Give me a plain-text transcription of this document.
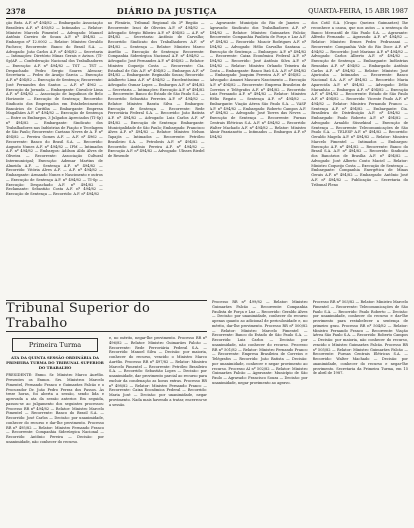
2378	DIÁRIO DA JUSTIÇA	QUARTA-FEIRA, 15 ABR 1987
ção Brás. A.F. nº 494/82 — Embargado: Associação Brasileira A.F. nº 493/82 — Intimados — Relator: Ministro Marcelo Pimentel — Advogado: Manuel Antônio Caveiro de Souza A.F. nº 494/82 — Embargos nº 12.0002 — Relator: Ministro Geraldo Pacheco; Recorrente: Banco do Brasil S.A. — Advogado: João Carlos A.F. nº 494/82 — Secretaria — Intimações: Diretório Minas Gerais e Avisos. (TI-Sp)AP. — Confederação Nacional dos Trabalhadores — Execução: A.F. nº 494/82 — TST — TST — Despachado: Pedro Sergio Soares Alencar; Secretaria — Pedro de Araújo Garcia — Execução A.F. nº 494/82 — Execução de Sentença; Recorrente: José Fernandes dos Santos — A.F. nº 4962 — Execução da Jornada — Embargante: Ciuvalcir Lima A.F. nº 494/82 — Associação de Inquilinos de Belo Horizonte — Execução de Sentença; Recorrido: Sindicato dos Empregados em Estabelecimentos Bancários de Curitiba — Embargante: Empresa Magalhães A.F. nº 494/82 — Execução de Sentença — Entre os Embargos, 3 Julgados Apreciados (TI-Sp) nº 494/82 — Embargante: Sindicato dos Trabalhadores nas Indústrias de Fiação e Tecelagem de São Paulo; Recorrente: Caetano Neves de A. F. nº 494/82 — Pereira Gomes A.F. — A.F. nº 4962 — Recorrente: Banco do Brasil S.A. — Recorrido: Augusto Nunes A.F. nº 494/82 — IPM — Intimados A.F. nº 494/82 — Embargos: Adilson Aldo Alves de Oliveira — Recorrente: Associação Cultural Intermunicipal; Execução: Ademar Martins de Almeida A.F. — Sentença A.F. nº 494/82 — Recorrido: Vitória Alves A.F. — A.F. nº 494/82 — Embargante: Armando Nunes e Nascimento e outros — Execução de Sentença A.F. nº 494/82 — TI-Sp — Execução: Despachado A.F. nº 494/82 — Reclamante: Sebastião Costa A.F. nº 494/82 — Execução de Sentença — Recorrido: A.F. nº 494/82
ao Plenário, Tribunal Regional da 3ª Região — Recorrente: Iraci de Oliveira A.F. nº 494/82 — Advogado: Sérgio Ribeiro A.F. nº 494/82 — A.F. nº 494/82 — Secretaria: Antônio de Carvalho; Recorrido: Sindicato dos Trabalhadores A.F. nº 494/82 — Sentença — Relator: Ministro Marco Aurélio — Execução de Sentença: Recorrente: Companhia Siderúrgica Nacional A.F. nº 494/82 — Advogado: José Fernandes A.F. nº 494/82 — Relator: Ministro Coqueijo Costa — Recorrente: Cia. Estadual de Gás A.F. nº 494/82 — Embargos A.F. nº 494/82 — Embargante: Reginaldo Souza; Recorrido: Adalberto Lima A.F. nº 494/82 — Excelentíssimo — Advogado: Osmar Lopes — Embargos A.F. nº 494/82 — Secretaria — Intimações: Execução A.F. nº 494/82 — Recorrente: Banco do Estado de São Paulo S.A. — Recorrido: Sebastião Ferreira A.F. nº 494/82 — Relator: Ministro Barata Silva — Embargos: Execução de Sentença — Recorrente: Rede Ferroviária Federal S.A. — Recorrido: João Batista A.F. nº 494/82 — Advogado: Luiz Carlos A.F. nº 494/82 — Execução de Sentença: Embargante: Municipalidade de São Paulo; Embargado: Francisco Alves A.F. nº 494/82 — Relator: Ministro Nelson Tapajós — Intimados — Recorrente: Petróleo Brasileiro S.A. — Petrobrás A.F. nº 494/82 — Recorrido: Antônio Pereira A.F. nº 494/82 — Execução A.F. nº 494/82 — Advogado: Ulisses Riedel de Resende
— Agravante: Município do Rio de Janeiro — Agravado: Sindicato dos Trabalhadores A.F. nº 494/82 — Relator: Ministro Guimarães Falcão; Recorrente: Companhia Paulista de Força e Luz A.F. nº 494/82 — Recorrido: Moacir Rodrigues A.F. nº 494/82 — Advogado: Hélio Carvalho Santana — Execução de Sentença — Embargos: A.F. nº 494/82 — Recorrente: Caixa Econômica Federal A.F. nº 494/82 — Recorrido: José Antônio Silva A.F. nº 494/82 — Relator: Ministro Orlando Teixeira da Costa — Embargante: Banco Itaú S.A. A.F. nº 494/82 — Embargado: Joaquim Ferreira A.F. nº 494/82 — Advogado: Amauri Mascaro Nascimento — Execução A.F. nº 494/82 — Recorrente: Empresa Brasileira de Correios e Telégrafos A.F. nº 494/82 — Recorrido: Luiz Fernando A.F. nº 494/82 — Relator: Ministro Hélio Regato — Sentença A.F. nº 494/82 — Embargante: Viação Aérea São Paulo S.A. — VASP A.F. nº 494/82 — Embargado: Roberto Campos A.F. nº 494/82 — Advogado: José Torres das Neves — Execução de Sentença — Recorrente: Furnas Centrais Elétricas S.A. A.F. nº 494/82 — Recorrido: Walter Machado A.F. nº 494/82 — Relator: Ministro Almir Pazzianotto — Intimados — Embargos A.F. nº 494/82
dos Cotil S.A. (Grupo Queiroz Guimarães) lhe reconhece a causa, que nos autos — a sentença do Banco Mercantil de São Paulo S.A. — Agravante: Alfredo Fernando — Agravado: A.F. nº 494/82 — Relator: Ministro Ermes Pedro Pedrassani — Recorrente: Companhia Vale do Rio Doce A.F. nº 494/82 — Recorrido: José Mariano A.F. nº 494/82 — Advogado: Carlos Alberto A.F. nº 494/82 — Execução de Sentença — Embargante: Indústrias Reunidas A.F. nº 494/82 — Embargado: Antônio Carlos A.F. nº 494/82 — Relator: Ministro José Ajuricaba — Intimados — Recorrente: Banco Nacional S.A. A.F. nº 494/82 — Recorrido: Maria Aparecida A.F. nº 494/82 — Advogado: Délio Maranhão — Embargos A.F. nº 494/82 — Execução A.F. nº 494/82 — Recorrente: Estado de São Paulo A.F. nº 494/82 — Recorrido: Vicente Paulo A.F. nº 494/82 — Relator: Ministro Fernando Franco — Sentença A.F. nº 494/82 — Embargante: Cia. Brasileira de Distribuição A.F. nº 494/82 — Embargado: Paulo Roberto A.F. nº 494/82 — Advogado: Arnaldo Süssekind — Execução de Sentença — Recorrente: Telecomunicações de São Paulo S.A. — TELESP A.F. nº 494/82 — Recorrido: Geraldo Magela A.F. nº 494/82 — Relator: Ministro Marcelo Pimentel — Intimados — Embargos: Execução A.F. nº 494/82 — Recorrente: Banco do Brasil S.A. A.F. nº 494/82 — Recorrido: Sindicato dos Bancários de Brasília A.F. nº 494/82 — Advogado: José Alberto Couto Maciel — Relator: Ministro Coqueijo Costa — Execução de Sentença — Embargante: Companhia Energética de Minas Gerais A.F. nº 494/82 — Embargado: Antônio José A.F. nº 494/82 — Publicação — Secretaria do Tribunal Pleno
Tribunal Superior do Trabalho
Primeira Turma
ATA DA QUINTA SESSÃO ORDINÁRIA DA PRIMEIRA TURMA DO TRIBUNAL SUPERIOR DO TRABALHO
PRESIDENTE: Exmo. Sr. Ministro Marco Aurélio. Presentes os Exmos. Srs. Ministros Marcelo Pimentel, Fernando Franco e Guimarães Falcão e o Procurador Dr. João Pedro Ferraz dos Passos. Às treze horas, foi aberta a sessão, sendo lida e aprovada a ata da sessão anterior. Em seguida, passou-se ao julgamento dos seguintes processos: Processo RR nº 494/82 — Relator: Ministro Marcelo Pimentel — Recorrente: Banco do Brasil S.A. — Recorrido: José Carlos — Decisão: por unanimidade, conhecer do recurso e dar-lhe provimento. Processo RR nº 495/82 — Relator: Ministro Fernando Franco — Recorrente: Companhia Siderúrgica Nacional — Recorrido: Antônio Pereira — Decisão: por unanimidade, não conhecer do recurso.
e, no mérito, negar-lhe provimento. Processo RR nº 496/82 — Relator: Ministro Guimarães Falcão — Recorrente: Rede Ferroviária Federal S.A. — Recorrido: Manoel Silva — Decisão: por maioria, conhecer do recurso, vencido o Ministro Marco Aurélio. Processo RR nº 497/82 — Relator: Ministro Marcelo Pimentel — Recorrente: Petróleo Brasileiro S.A. — Recorrido: Sebastião Lopes — Decisão: por unanimidade, dar provimento parcial ao recurso para excluir da condenação as horas extras. Processo RR nº 498/82 — Relator: Ministro Fernando Franco — Recorrente: Caixa Econômica Federal — Recorrido: Maria José — Decisão: por unanimidade, negar provimento. Nada mais havendo a tratar, encerrou-se a sessão.
Processo RR nº 499/82 — Relator: Ministro Guimarães Falcão — Recorrente: Companhia Paulista de Força e Luz — Recorrido: Geraldo Alves — Decisão: por unanimidade, conhecer do recurso apenas quanto ao adicional de periculosidade e, no mérito, dar-lhe provimento. Processo RR nº 500/82 — Relator: Ministro Marcelo Pimentel — Recorrente: Banco do Estado de São Paulo S.A. — Recorrido: Luiz Carlos — Decisão: por unanimidade, não conhecer do recurso. Processo RR nº 501/82 — Relator: Ministro Fernando Franco — Recorrente: Empresa Brasileira de Correios e Telégrafos — Recorrido: João Batista — Decisão: por unanimidade, conhecer e negar provimento ao recurso. Processo AI nº 502/82 — Relator: Ministro Guimarães Falcão — Agravante: Município de São Paulo — Agravado: Francisco Souza — Decisão: por unanimidade, negar provimento ao agravo.
Processo RR nº 503/82 — Relator: Ministro Marcelo Pimentel — Recorrente: Telecomunicações de São Paulo S.A. — Recorrido: Paulo Roberto — Decisão: por unanimidade, conhecer do recurso e dar-lhe provimento para restabelecer a sentença de primeiro grau. Processo RR nº 504/82 — Relator: Ministro Fernando Franco — Recorrente: Viação Aérea São Paulo S.A. — Recorrido: Roberto Campos — Decisão: por maioria, não conhecer do recurso, vencido o Ministro Guimarães Falcão. Processo RR nº 505/82 — Relator: Ministro Guimarães Falcão — Recorrente: Furnas Centrais Elétricas S.A. — Recorrido: Walter Machado — Decisão: por unanimidade, conhecer do recurso e negar-lhe provimento. Secretaria da Primeira Turma, em 15 de abril de 1987.
